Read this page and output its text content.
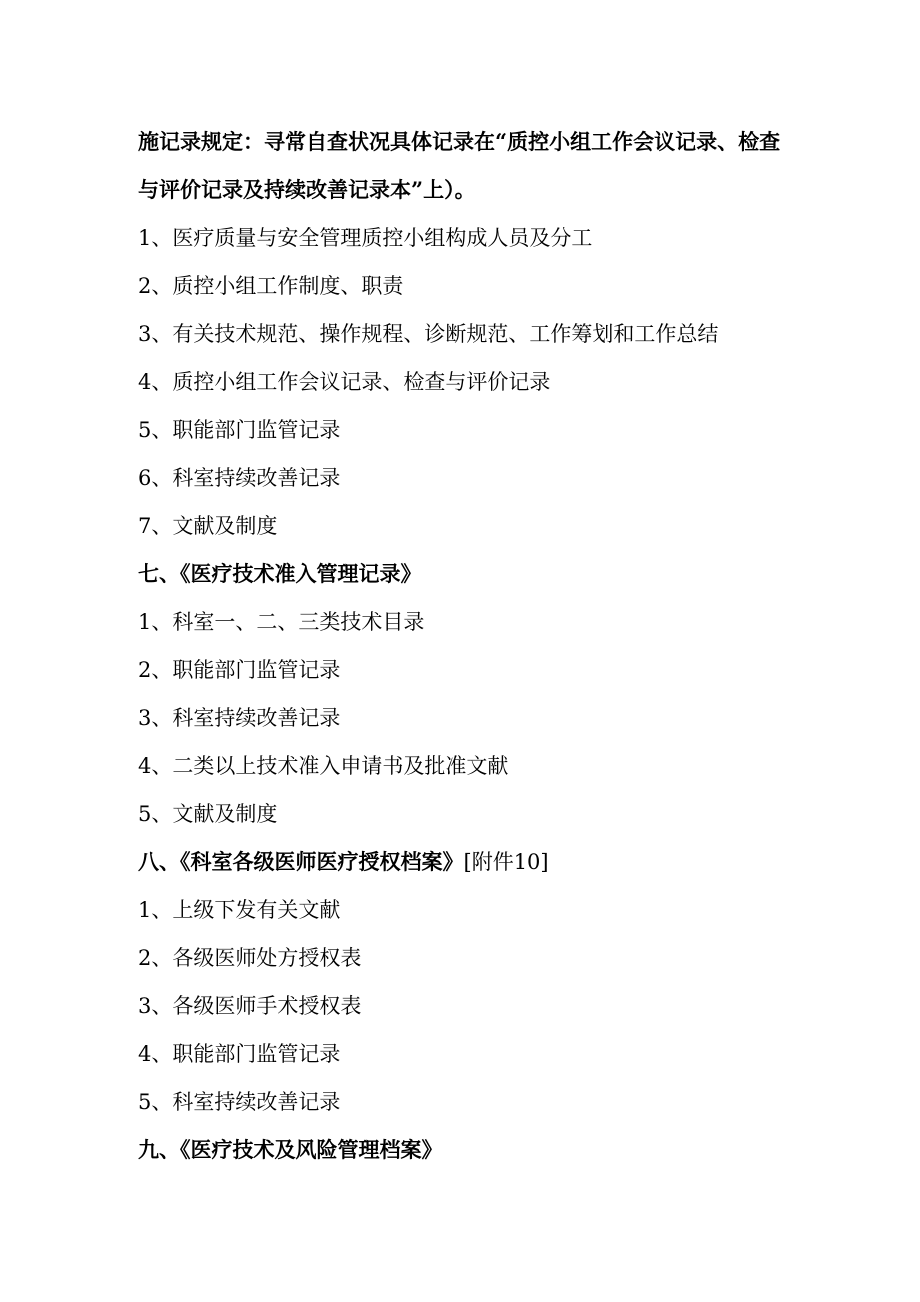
施记录规定：寻常自查状况具体记录在“质控小组工作会议记录、检查与评价记录及持续改善记录本”上）。

1、医疗质量与安全管理质控小组构成人员及分工

2、质控小组工作制度、职责

3、有关技术规范、操作规程、诊断规范、工作筹划和工作总结

4、质控小组工作会议记录、检查与评价记录

5、职能部门监管记录

6、科室持续改善记录

7、文献及制度

七、《医疗技术准入管理记录》

1、科室一、二、三类技术目录

2、职能部门监管记录

3、科室持续改善记录

4、二类以上技术准入申请书及批准文献

5、文献及制度

八、《科室各级医师医疗授权档案》[附件10]

1、上级下发有关文献

2、各级医师处方授权表

3、各级医师手术授权表

4、职能部门监管记录

5、科室持续改善记录

九、《医疗技术及风险管理档案》
